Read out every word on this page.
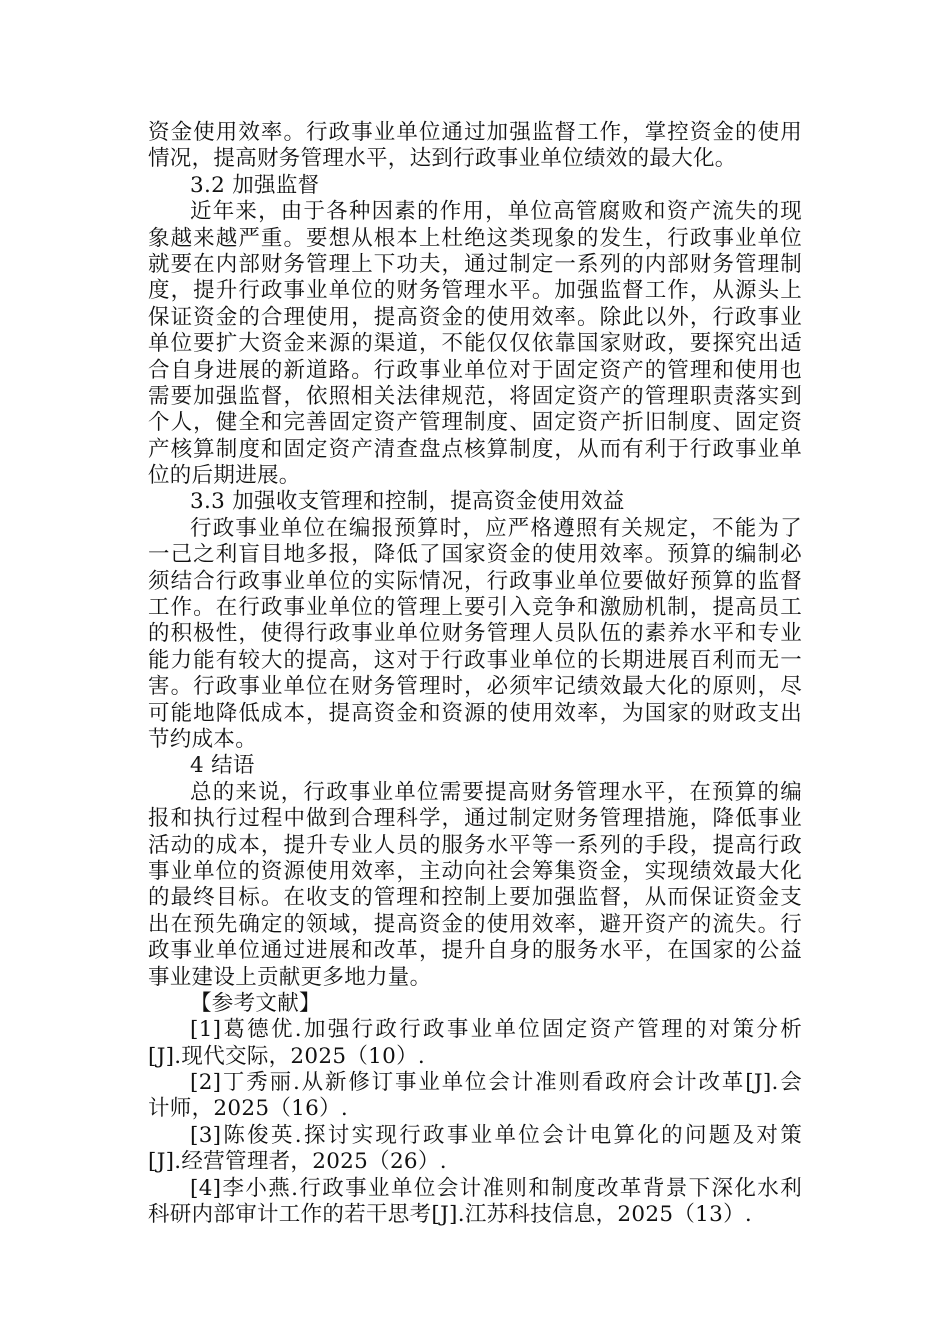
资金使用效率。行政事业单位通过加强监督工作，掌控资金的使用
情况，提高财务管理水平，达到行政事业单位绩效的最大化。
3.2 加强监督
近年来，由于各种因素的作用，单位高管腐败和资产流失的现
象越来越严重。要想从根本上杜绝这类现象的发生，行政事业单位
就要在内部财务管理上下功夫，通过制定一系列的内部财务管理制
度，提升行政事业单位的财务管理水平。加强监督工作，从源头上
保证资金的合理使用，提高资金的使用效率。除此以外，行政事业
单位要扩大资金来源的渠道，不能仅仅依靠国家财政，要探究出适
合自身进展的新道路。行政事业单位对于固定资产的管理和使用也
需要加强监督，依照相关法律规范，将固定资产的管理职责落实到
个人，健全和完善固定资产管理制度、固定资产折旧制度、固定资
产核算制度和固定资产清查盘点核算制度，从而有利于行政事业单
位的后期进展。
3.3 加强收支管理和控制，提高资金使用效益
行政事业单位在编报预算时，应严格遵照有关规定，不能为了
一己之利盲目地多报，降低了国家资金的使用效率。预算的编制必
须结合行政事业单位的实际情况，行政事业单位要做好预算的监督
工作。在行政事业单位的管理上要引入竞争和激励机制，提高员工
的积极性，使得行政事业单位财务管理人员队伍的素养水平和专业
能力能有较大的提高，这对于行政事业单位的长期进展百利而无一
害。行政事业单位在财务管理时，必须牢记绩效最大化的原则，尽
可能地降低成本，提高资金和资源的使用效率，为国家的财政支出
节约成本。
4 结语
总的来说，行政事业单位需要提高财务管理水平，在预算的编
报和执行过程中做到合理科学，通过制定财务管理措施，降低事业
活动的成本，提升专业人员的服务水平等一系列的手段，提高行政
事业单位的资源使用效率，主动向社会筹集资金，实现绩效最大化
的最终目标。在收支的管理和控制上要加强监督，从而保证资金支
出在预先确定的领域，提高资金的使用效率，避开资产的流失。行
政事业单位通过进展和改革，提升自身的服务水平，在国家的公益
事业建设上贡献更多地力量。
【参考文献】
[1]葛德优.加强行政行政事业单位固定资产管理的对策分析
[J].现代交际，2025（10）.
[2]丁秀丽.从新修订事业单位会计准则看政府会计改革[J].会
计师，2025（16）.
[3]陈俊英.探讨实现行政事业单位会计电算化的问题及对策
[J].经营管理者，2025（26）.
[4]李小燕.行政事业单位会计准则和制度改革背景下深化水利
科研内部审计工作的若干思考[J].江苏科技信息，2025（13）.
